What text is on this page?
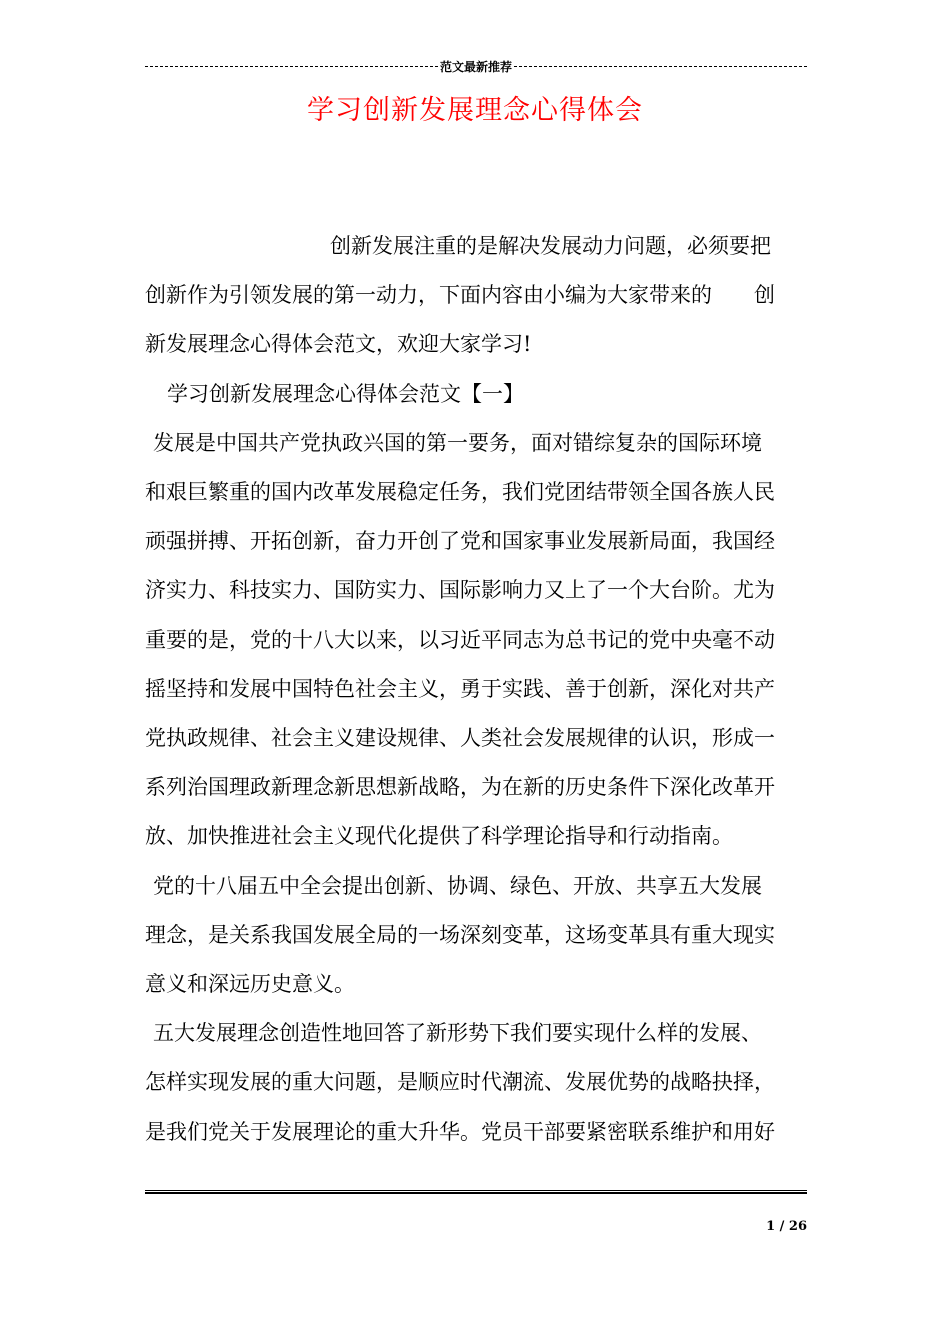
范文最新推荐
学习创新发展理念心得体会

创新发展注重的是解决发展动力问题，必须要把

创新作为引领发展的第一动力，下面内容由小编为大家带来的 创

新发展理念心得体会范文，欢迎大家学习!

学习创新发展理念心得体会范文【一】

发展是中国共产党执政兴国的第一要务，面对错综复杂的国际环境

和艰巨繁重的国内改革发展稳定任务，我们党团结带领全国各族人民

顽强拼搏、开拓创新，奋力开创了党和国家事业发展新局面，我国经

济实力、科技实力、国防实力、国际影响力又上了一个大台阶。尤为

重要的是，党的十八大以来，以习近平同志为总书记的党中央毫不动

摇坚持和发展中国特色社会主义，勇于实践、善于创新，深化对共产

党执政规律、社会主义建设规律、人类社会发展规律的认识，形成一

系列治国理政新理念新思想新战略，为在新的历史条件下深化改革开

放、加快推进社会主义现代化提供了科学理论指导和行动指南。

党的十八届五中全会提出创新、协调、绿色、开放、共享五大发展

理念，是关系我国发展全局的一场深刻变革，这场变革具有重大现实

意义和深远历史意义。

五大发展理念创造性地回答了新形势下我们要实现什么样的发展、

怎样实现发展的重大问题，是顺应时代潮流、发展优势的战略抉择，

是我们党关于发展理论的重大升华。党员干部要紧密联系维护和用好

1 / 26
